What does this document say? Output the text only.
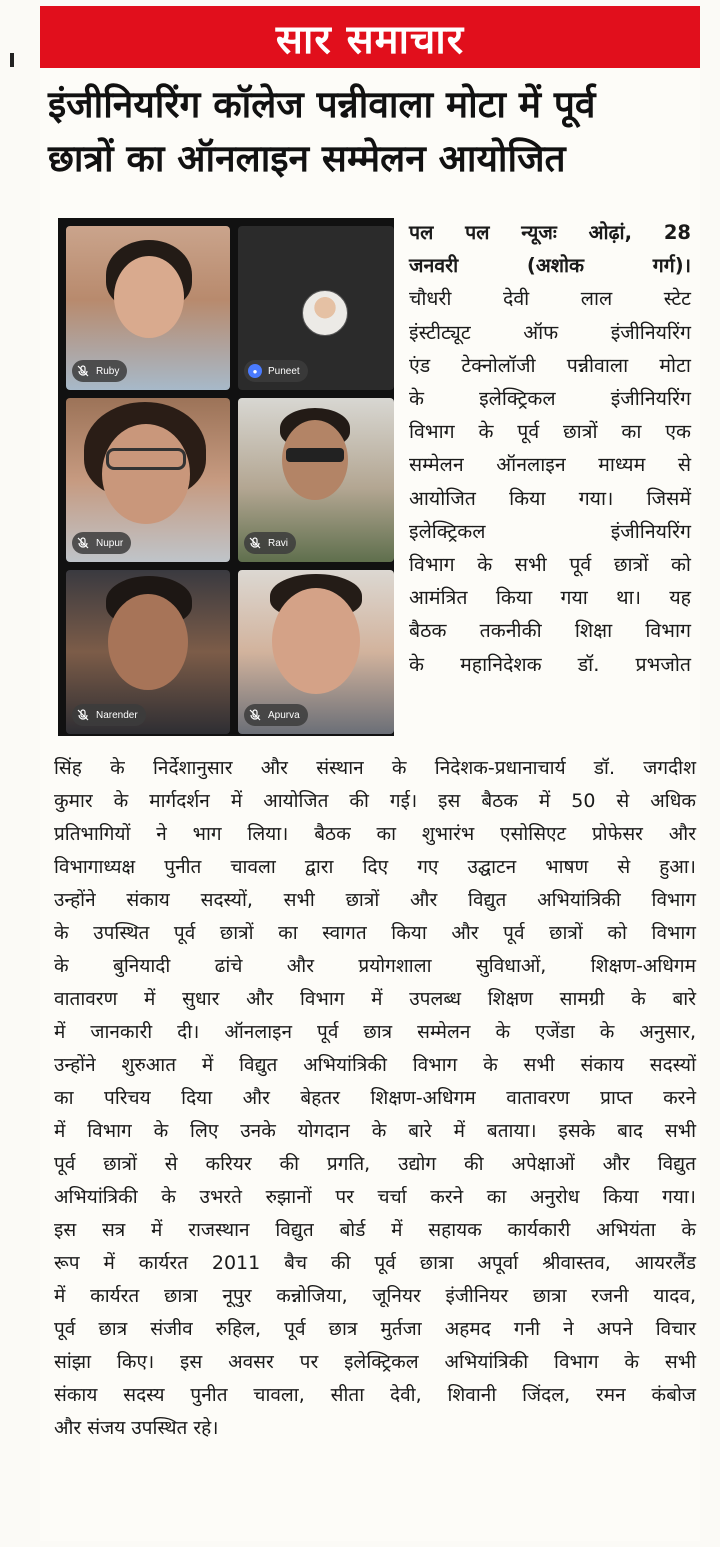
सार समाचार
इंजीनियरिंग कॉलेज पन्नीवाला मोटा में पूर्व
छात्रों का ऑनलाइन सम्मेलन आयोजित
Ruby	●	Puneet
Nupur	Ravi
Narender	Apurva
पल पल न्यूजः ओढ़ां, 28
जनवरी (अशोक गर्ग)।
चौधरी देवी लाल स्टेट
इंस्टीट्यूट ऑफ इंजीनियरिंग
एंड टेक्नोलॉजी पन्नीवाला मोटा
के इलेक्ट्रिकल इंजीनियरिंग
विभाग के पूर्व छात्रों का एक
सम्मेलन ऑनलाइन माध्यम से
आयोजित किया गया। जिसमें
इलेक्ट्रिकल इंजीनियरिंग
विभाग के सभी पूर्व छात्रों को
आमंत्रित किया गया था। यह
बैठक तकनीकी शिक्षा विभाग
के महानिदेशक डॉ. प्रभजोत
सिंह के निर्देशानुसार और संस्थान के निदेशक-प्रधानाचार्य डॉ. जगदीश
कुमार के मार्गदर्शन में आयोजित की गई। इस बैठक में 50 से अधिक
प्रतिभागियों ने भाग लिया। बैठक का शुभारंभ एसोसिएट प्रोफेसर और
विभागाध्यक्ष पुनीत चावला द्वारा दिए गए उद्घाटन भाषण से हुआ।
उन्होंने संकाय सदस्यों, सभी छात्रों और विद्युत अभियांत्रिकी विभाग
के उपस्थित पूर्व छात्रों का स्वागत किया और पूर्व छात्रों को विभाग
के बुनियादी ढांचे और प्रयोगशाला सुविधाओं, शिक्षण-अधिगम
वातावरण में सुधार और विभाग में उपलब्ध शिक्षण सामग्री के बारे
में जानकारी दी। ऑनलाइन पूर्व छात्र सम्मेलन के एजेंडा के अनुसार,
उन्होंने शुरुआत में विद्युत अभियांत्रिकी विभाग के सभी संकाय सदस्यों
का परिचय दिया और बेहतर शिक्षण-अधिगम वातावरण प्राप्त करने
में विभाग के लिए उनके योगदान के बारे में बताया। इसके बाद सभी
पूर्व छात्रों से करियर की प्रगति, उद्योग की अपेक्षाओं और विद्युत
अभियांत्रिकी के उभरते रुझानों पर चर्चा करने का अनुरोध किया गया।
इस सत्र में राजस्थान विद्युत बोर्ड में सहायक कार्यकारी अभियंता के
रूप में कार्यरत 2011 बैच की पूर्व छात्रा अपूर्वा श्रीवास्तव, आयरलैंड
में कार्यरत छात्रा नूपुर कन्नोजिया, जूनियर इंजीनियर छात्रा रजनी यादव,
पूर्व छात्र संजीव रुहिल, पूर्व छात्र मुर्तजा अहमद गनी ने अपने विचार
सांझा किए। इस अवसर पर इलेक्ट्रिकल अभियांत्रिकी विभाग के सभी
संकाय सदस्य पुनीत चावला, सीता देवी, शिवानी जिंदल, रमन कंबोज
और संजय उपस्थित रहे।
